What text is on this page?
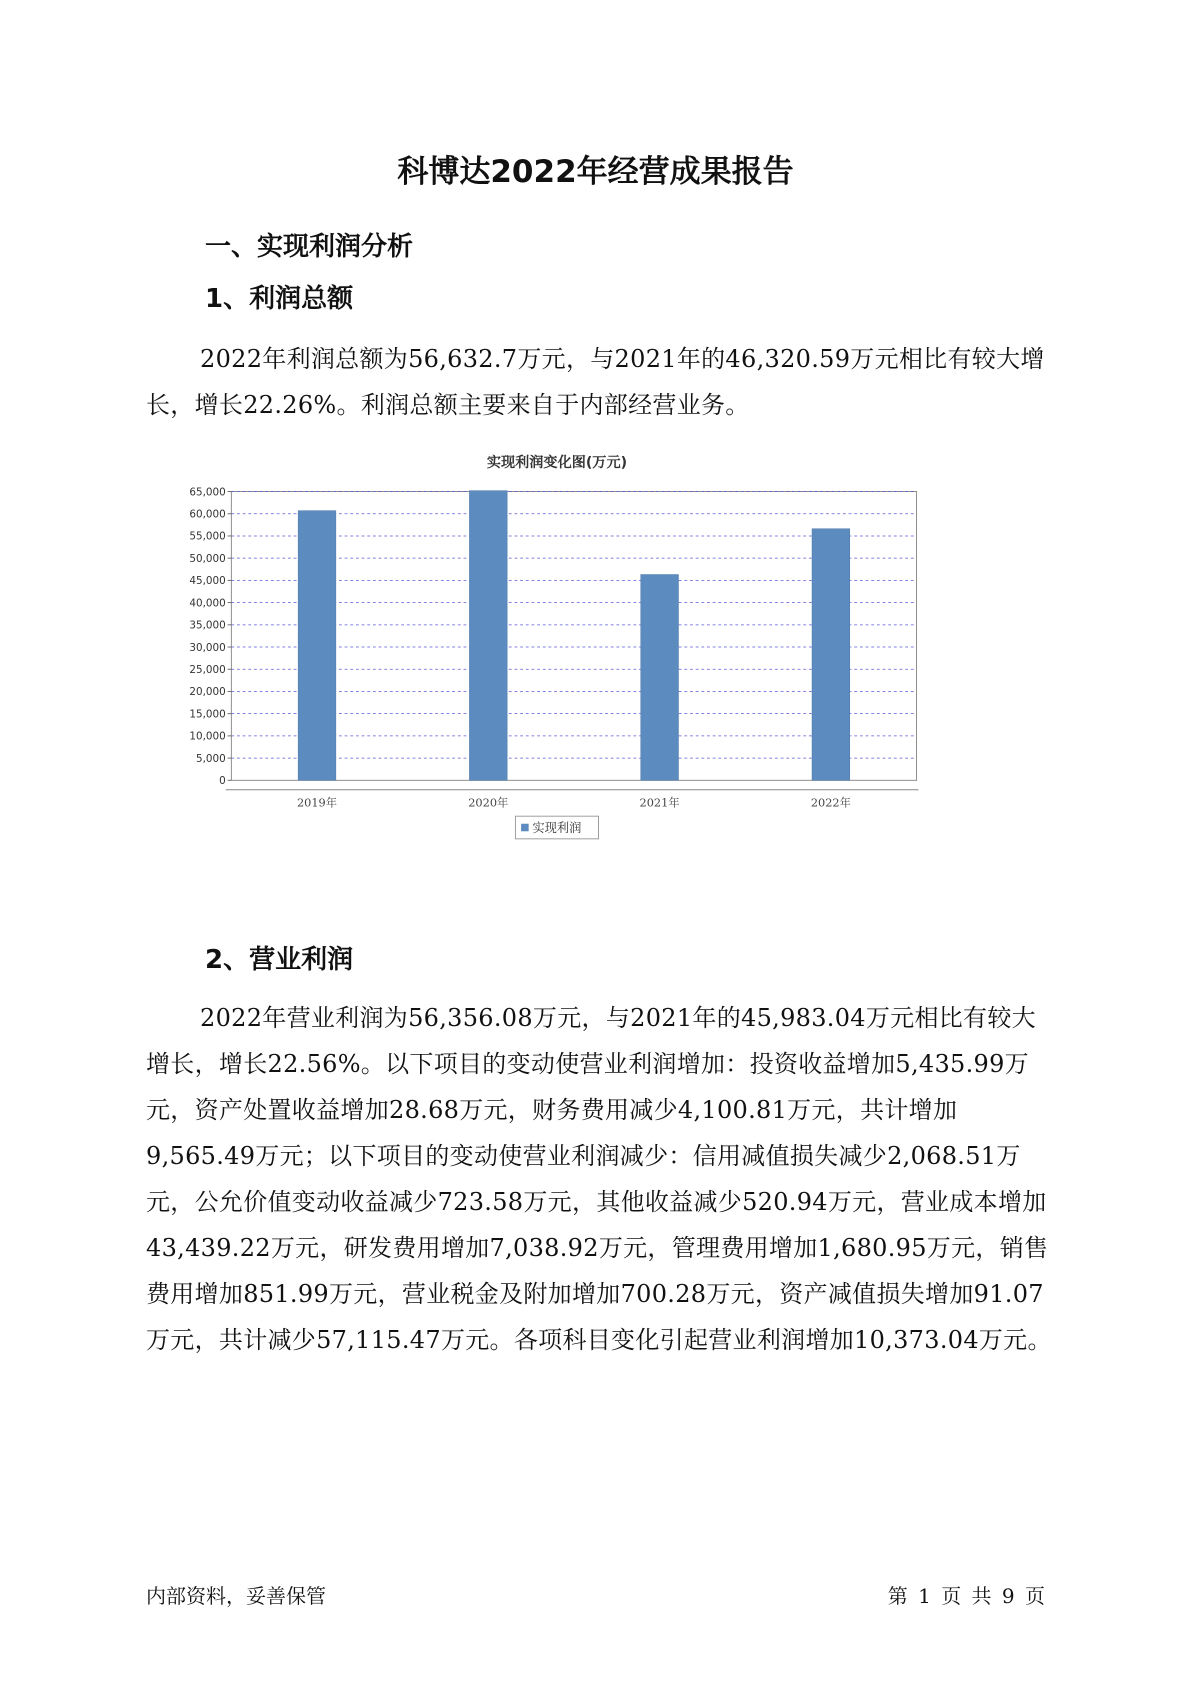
科博达2022年经营成果报告
一、实现利润分析
1、利润总额

2022年利润总额为56,632.7万元，与2021年的46,320.59万元相比有较大增长，增长22.26%。利润总额主要来自于内部经营业务。

实现利润变化图(万元)
0
5,000
10,000
15,000
20,000
25,000
30,000
35,000
40,000
45,000
50,000
55,000
60,000
65,000
2019年	2020年	2021年	2022年
实现利润
2、营业利润

2022年营业利润为56,356.08万元，与2021年的45,983.04万元相比有较大增长，增长22.56%。以下项目的变动使营业利润增加：投资收益增加5,435.99万元，资产处置收益增加28.68万元，财务费用减少4,100.81万元，共计增加9,565.49万元；以下项目的变动使营业利润减少：信用减值损失减少2,068.51万元，公允价值变动收益减少723.58万元，其他收益减少520.94万元，营业成本增加43,439.22万元，研发费用增加7,038.92万元，管理费用增加1,680.95万元，销售费用增加851.99万元，营业税金及附加增加700.28万元，资产减值损失增加91.07万元，共计减少57,115.47万元。各项科目变化引起营业利润增加10,373.04万元。

内部资料，妥善保管	第 1 页 共 9 页
